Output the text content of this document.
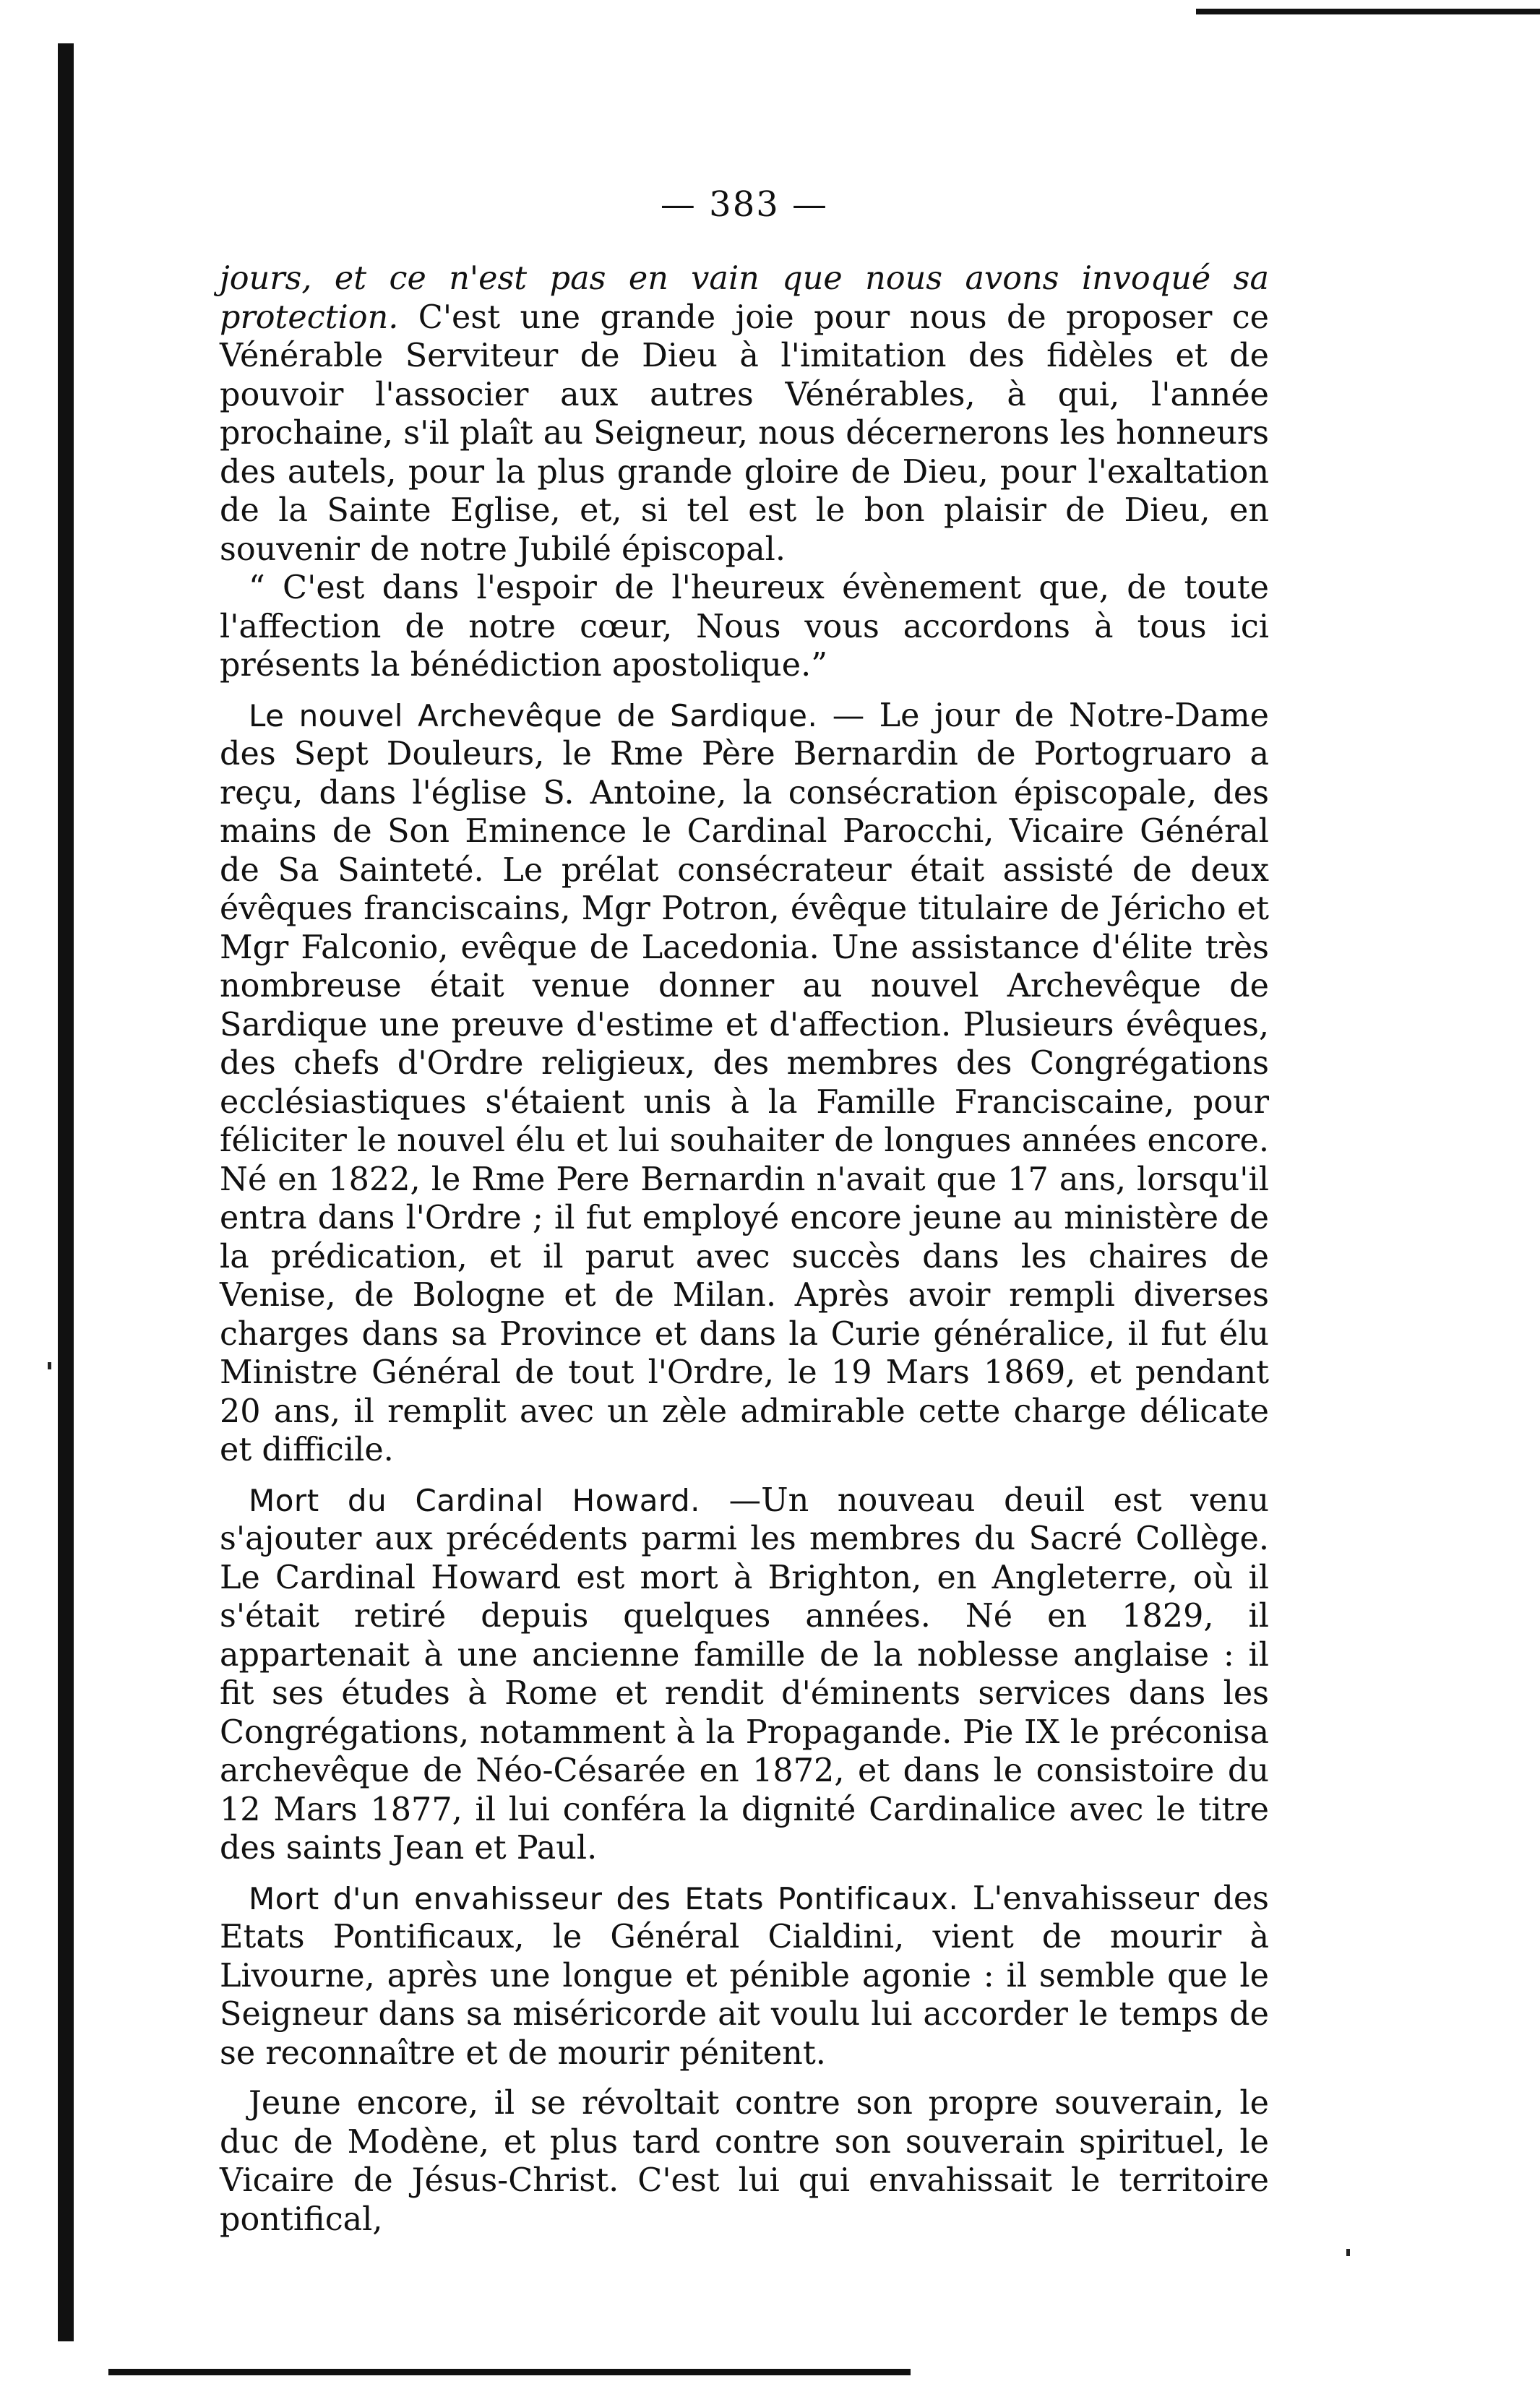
— 383 —

jours, et ce n'est pas en vain que nous avons invoqué sa protection. C'est une grande joie pour nous de proposer ce Vénérable Serviteur de Dieu à l'imitation des fidèles et de pouvoir l'associer aux autres Vénérables, à qui, l'année prochaine, s'il plaît au Seigneur, nous décernerons les honneurs des autels, pour la plus grande gloire de Dieu, pour l'exaltation de la Sainte Eglise, et, si tel est le bon plaisir de Dieu, en souvenir de notre Jubilé épiscopal.

“ C'est dans l'espoir de l'heureux évènement que, de toute l'affection de notre cœur, Nous vous accordons à tous ici présents la bénédiction apostolique.”

Le nouvel Archevêque de Sardique. — Le jour de Notre-Dame des Sept Douleurs, le Rme Père Bernardin de Portogruaro a reçu, dans l'église S. Antoine, la consécration épiscopale, des mains de Son Eminence le Cardinal Parocchi, Vicaire Général de Sa Sainteté. Le prélat consécrateur était assisté de deux évêques franciscains, Mgr Potron, évêque titulaire de Jéricho et Mgr Falconio, evêque de Lacedonia. Une assistance d'élite très nombreuse était venue donner au nouvel Archevêque de Sardique une preuve d'estime et d'affection. Plusieurs évêques, des chefs d'Ordre religieux, des membres des Congrégations ecclésiastiques s'étaient unis à la Famille Franciscaine, pour féliciter le nouvel élu et lui souhaiter de longues années encore. Né en 1822, le Rme Pere Bernardin n'avait que 17 ans, lorsqu'il entra dans l'Ordre ; il fut employé encore jeune au ministère de la prédication, et il parut avec succès dans les chaires de Venise, de Bologne et de Milan. Après avoir rempli diverses charges dans sa Province et dans la Curie généralice, il fut élu Ministre Général de tout l'Ordre, le 19 Mars 1869, et pendant 20 ans, il remplit avec un zèle admirable cette charge délicate et difficile.

Mort du Cardinal Howard. —Un nouveau deuil est venu s'ajouter aux précédents parmi les membres du Sacré Collège. Le Cardinal Howard est mort à Brighton, en Angleterre, où il s'était retiré depuis quelques années. Né en 1829, il appartenait à une ancienne famille de la noblesse anglaise : il fit ses études à Rome et rendit d'éminents services dans les Congrégations, notamment à la Propagande. Pie IX le préconisa archevêque de Néo-Césarée en 1872, et dans le consistoire du 12 Mars 1877, il lui conféra la dignité Cardinalice avec le titre des saints Jean et Paul.

Mort d'un envahisseur des Etats Pontificaux. L'envahisseur des Etats Pontificaux, le Général Cialdini, vient de mourir à Livourne, après une longue et pénible agonie : il semble que le Seigneur dans sa miséricorde ait voulu lui accorder le temps de se reconnaître et de mourir pénitent.

Jeune encore, il se révoltait contre son propre souverain, le duc de Modène, et plus tard contre son souverain spirituel, le Vicaire de Jésus-Christ. C'est lui qui envahissait le territoire pontifical,
